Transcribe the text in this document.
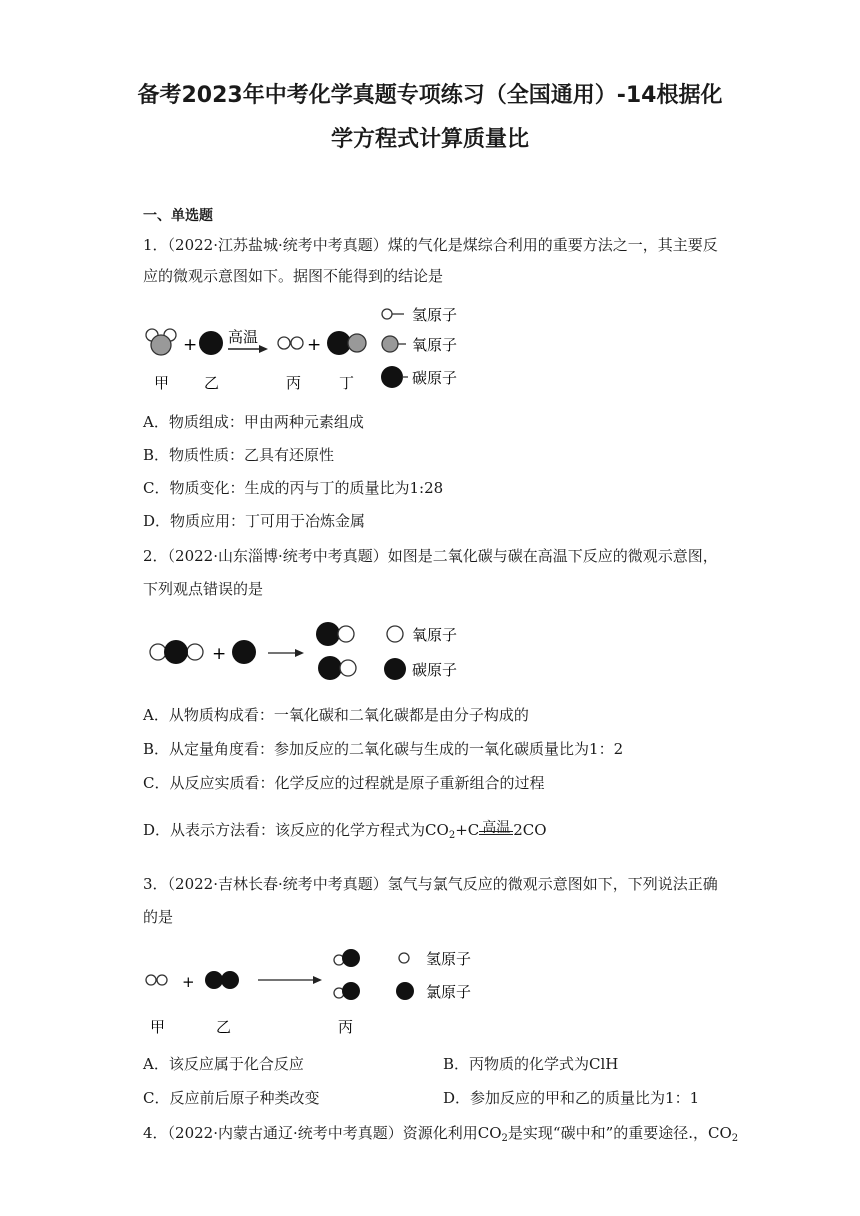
备考2023年中考化学真题专项练习（全国通用）-14根据化
学方程式计算质量比
一、单选题
1．（2022·江苏盐城·统考中考真题）煤的气化是煤综合利用的重要方法之一，其主要反
应的微观示意图如下。据图不能得到的结论是
+ 高温	+
氢原子
氧原子
碳原子
甲 乙	丙	丁
A．物质组成：甲由两种元素组成
B．物质性质：乙具有还原性
C．物质变化：生成的丙与丁的质量比为1:28
D．物质应用：丁可用于冶炼金属
2．（2022·山东淄博·统考中考真题）如图是二氧化碳与碳在高温下反应的微观示意图，
下列观点错误的是
+
氧原子
碳原子
A．从物质构成看：一氧化碳和二氧化碳都是由分子构成的
B．从定量角度看：参加反应的二氧化碳与生成的一氧化碳质量比为1：2
C．从反应实质看：化学反应的过程就是原子重新组合的过程
D．从表示方法看：该反应的化学方程式为$CO_2+C$ 高温 2CO
3．（2022·吉林长春·统考中考真题）氢气与氯气反应的微观示意图如下，下列说法正确
的是
+
氢原子
氯原子
甲	乙	丙
A．该反应属于化合反应	B．丙物质的化学式为ClH
C．反应前后原子种类改变	D．参加反应的甲和乙的质量比为1：1
4．（2022·内蒙古通辽·统考中考真题）资源化利用$CO_2$是实现“碳中和”的重要途径.，$CO_2$
